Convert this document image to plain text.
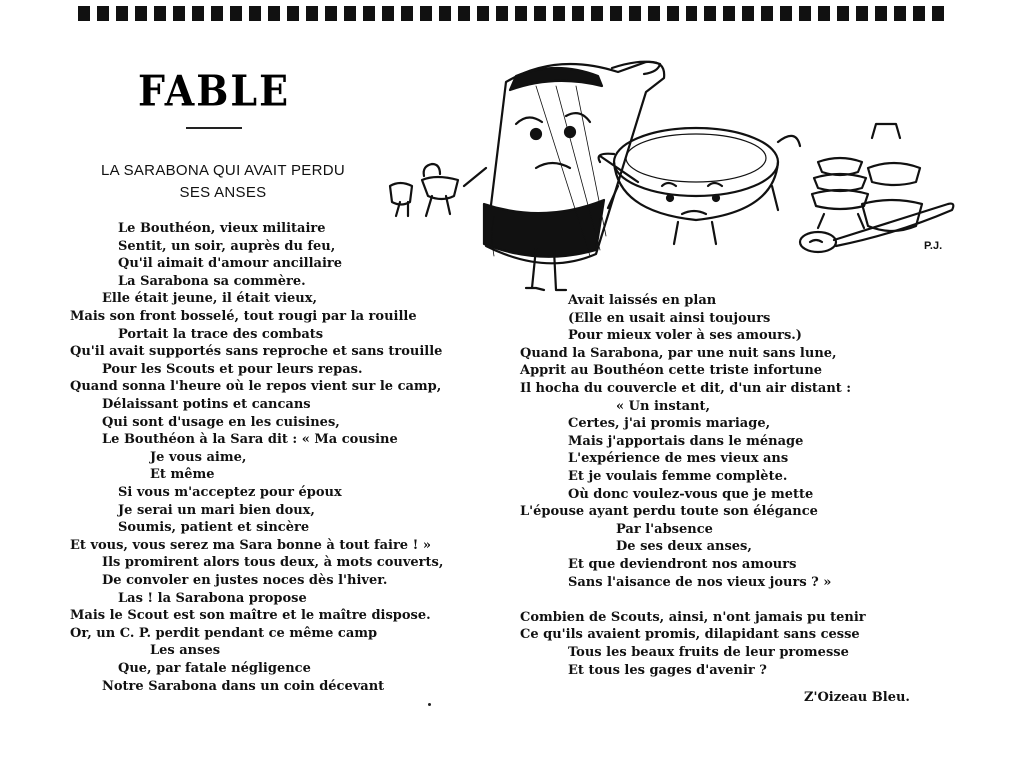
FABLE
LA SARABONA QUI AVAIT PERDU
SES ANSES
P.J.
Le Bouthéon, vieux militaire
Sentit, un soir, auprès du feu,
Qu'il aimait d'amour ancillaire
La Sarabona sa commère.
Elle était jeune, il était vieux,
Mais son front bosselé, tout rougi par la rouille
Portait la trace des combats
Qu'il avait supportés sans reproche et sans trouille
Pour les Scouts et pour leurs repas.
Quand sonna l'heure où le repos vient sur le camp,
Délaissant potins et cancans
Qui sont d'usage en les cuisines,
Le Bouthéon à la Sara dit : « Ma cousine
Je vous aime,
Et même
Si vous m'acceptez pour époux
Je serai un mari bien doux,
Soumis, patient et sincère
Et vous, vous serez ma Sara bonne à tout faire ! »
Ils promirent alors tous deux, à mots couverts,
De convoler en justes noces dès l'hiver.
Las ! la Sarabona propose
Mais le Scout est son maître et le maître dispose.
Or, un C. P. perdit pendant ce même camp
Les anses
Que, par fatale négligence
Notre Sarabona dans un coin décevant
Avait laissés en plan
(Elle en usait ainsi toujours
Pour mieux voler à ses amours.)
Quand la Sarabona, par une nuit sans lune,
Apprit au Bouthéon cette triste infortune
Il hocha du couvercle et dit, d'un air distant :
« Un instant,
Certes, j'ai promis mariage,
Mais j'apportais dans le ménage
L'expérience de mes vieux ans
Et je voulais femme complète.
Où donc voulez-vous que je mette
L'épouse ayant perdu toute son élégance
Par l'absence
De ses deux anses,
Et que deviendront nos amours
Sans l'aisance de nos vieux jours ? »
Combien de Scouts, ainsi, n'ont jamais pu tenir
Ce qu'ils avaient promis, dilapidant sans cesse
Tous les beaux fruits de leur promesse
Et tous les gages d'avenir ?
Z'Oizeau Bleu.
